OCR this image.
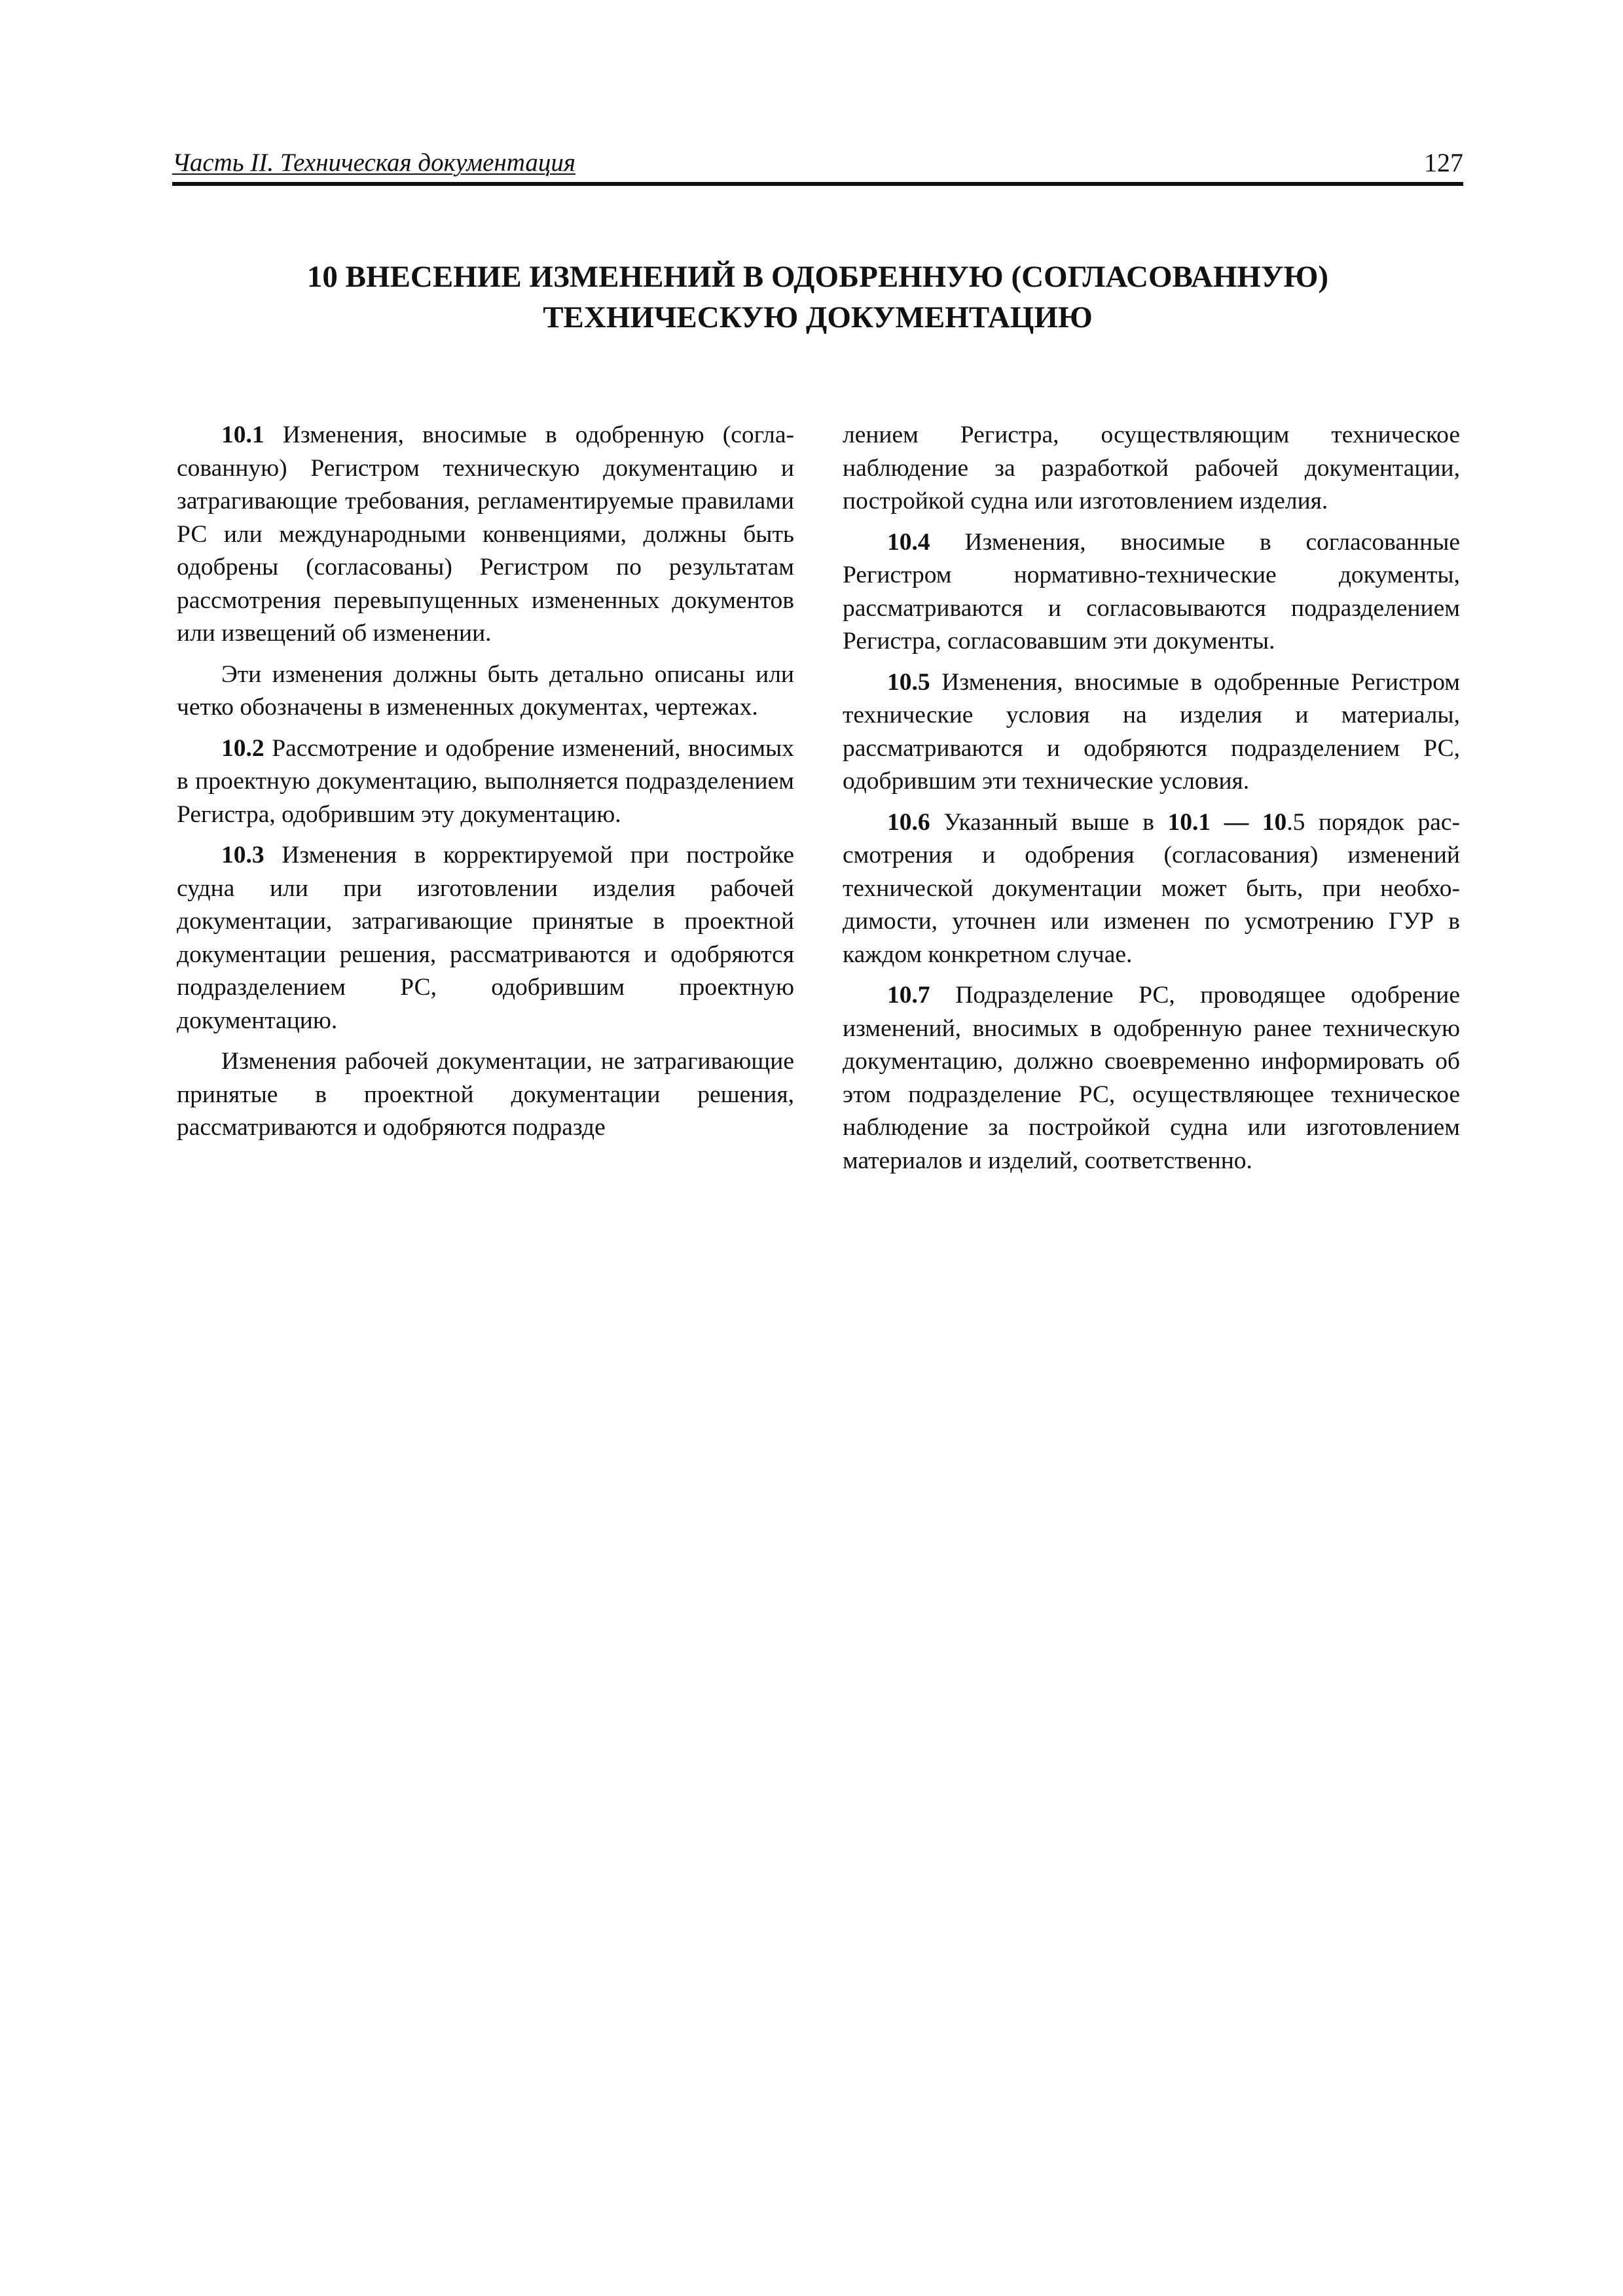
Часть II. Техническая документация	127
10 ВНЕСЕНИЕ ИЗМЕНЕНИЙ В ОДОБРЕННУЮ (СОГЛАСОВАННУЮ)
ТЕХНИЧЕСКУЮ ДОКУМЕНТАЦИЮ

10.1 Изменения, вносимые в одобренную (согласованную) Регистром техническую документацию и затрагивающие требования, регламентируемые правилами РС или международными конвенциями, должны быть одобрены (согласованы) Регистром по результатам рассмотрения перевыпущенных измененных документов или извещений об изменении.

Эти изменения должны быть детально описаны или четко обозначены в измененных документах, чертежах.

10.2 Рассмотрение и одобрение изменений, вносимых в проектную документацию, выполняется подразделением Регистра, одобрившим эту документацию.

10.3 Изменения в корректируемой при постройке судна или при изготовлении изделия рабочей документации, затрагивающие принятые в проектной документации решения, рассматриваются и одобряются подразделением РС, одобрившим проектную документацию.

Изменения рабочей документации, не затрагивающие принятые в проектной документации решения, рассматриваются и одобряются подразде

лением Регистра, осуществляющим техническое наблюдение за разработкой рабочей документации, постройкой судна или изготовлением изделия.

10.4 Изменения, вносимые в согласованные Регистром нормативно-технические документы, рассматриваются и согласовываются подразделением Регистра, согласовавшим эти документы.

10.5 Изменения, вносимые в одобренные Регистром технические условия на изделия и материалы, рассматриваются и одобряются подразделением РС, одобрившим эти технические условия.

10.6 Указанный выше в 10.1 — 10.5 порядок рассмотрения и одобрения (согласования) изменений технической документации может быть, при необходимости, уточнен или изменен по усмотрению ГУР в каждом конкретном случае.

10.7 Подразделение РС, проводящее одобрение изменений, вносимых в одобренную ранее техническую документацию, должно своевременно информировать об этом подразделение РС, осуществляющее техническое наблюдение за постройкой судна или изготовлением материалов и изделий, соответственно.
